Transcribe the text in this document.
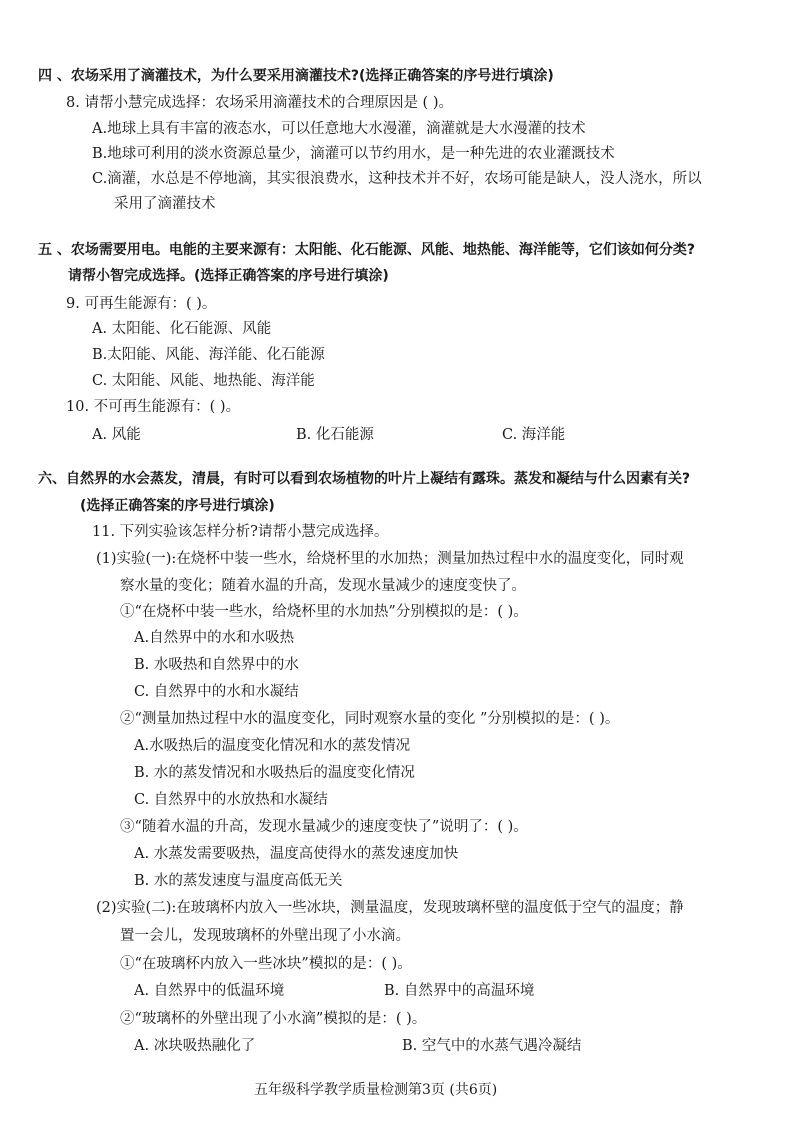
四 、农场采用了滴灌技术，为什么要采用滴灌技术?(选择正确答案的序号进行填涂)
8. 请帮小慧完成选择：农场采用滴灌技术的合理原因是 ( )。
A.地球上具有丰富的液态水，可以任意地大水漫灌，滴灌就是大水漫灌的技术
B.地球可利用的淡水资源总量少，滴灌可以节约用水，是一种先进的农业灌溉技术
C.滴灌，水总是不停地滴，其实很浪费水，这种技术并不好，农场可能是缺人，没人浇水，所以
采用了滴灌技术
五 、农场需要用电。电能的主要来源有：太阳能、化石能源、风能、地热能、海洋能等，它们该如何分类?
请帮小智完成选择。(选择正确答案的序号进行填涂)
9. 可再生能源有：( )。
A. 太阳能、化石能源、风能
B.太阳能、风能、海洋能、化石能源
C. 太阳能、风能、地热能、海洋能
10. 不可再生能源有：( )。
A. 风能	B. 化石能源	C. 海洋能
六、自然界的水会蒸发，清晨，有时可以看到农场植物的叶片上凝结有露珠。蒸发和凝结与什么因素有关?
(选择正确答案的序号进行填涂)
11. 下列实验该怎样分析?请帮小慧完成选择。
(1)实验(一):在烧杯中装一些水，给烧杯里的水加热；测量加热过程中水的温度变化，同时观
察水量的变化；随着水温的升高，发现水量减少的速度变快了。
①“在烧杯中装一些水，给烧杯里的水加热”分别模拟的是：( )。
A.自然界中的水和水吸热
B. 水吸热和自然界中的水
C. 自然界中的水和水凝结
②“测量加热过程中水的温度变化，同时观察水量的变化 ”分别模拟的是：( )。
A.水吸热后的温度变化情况和水的蒸发情况
B. 水的蒸发情况和水吸热后的温度变化情况
C. 自然界中的水放热和水凝结
③“随着水温的升高，发现水量减少的速度变快了”说明了：( )。
A. 水蒸发需要吸热，温度高使得水的蒸发速度加快
B. 水的蒸发速度与温度高低无关
(2)实验(二):在玻璃杯内放入一些冰块，测量温度，发现玻璃杯壁的温度低于空气的温度；静
置一会儿，发现玻璃杯的外壁出现了小水滴。
①“在玻璃杯内放入一些冰块”模拟的是：( )。
A. 自然界中的低温环境	B. 自然界中的高温环境
②“玻璃杯的外壁出现了小水滴”模拟的是：( )。
A. 冰块吸热融化了	B. 空气中的水蒸气遇冷凝结
五年级科学教学质量检测第3页 (共6页)
